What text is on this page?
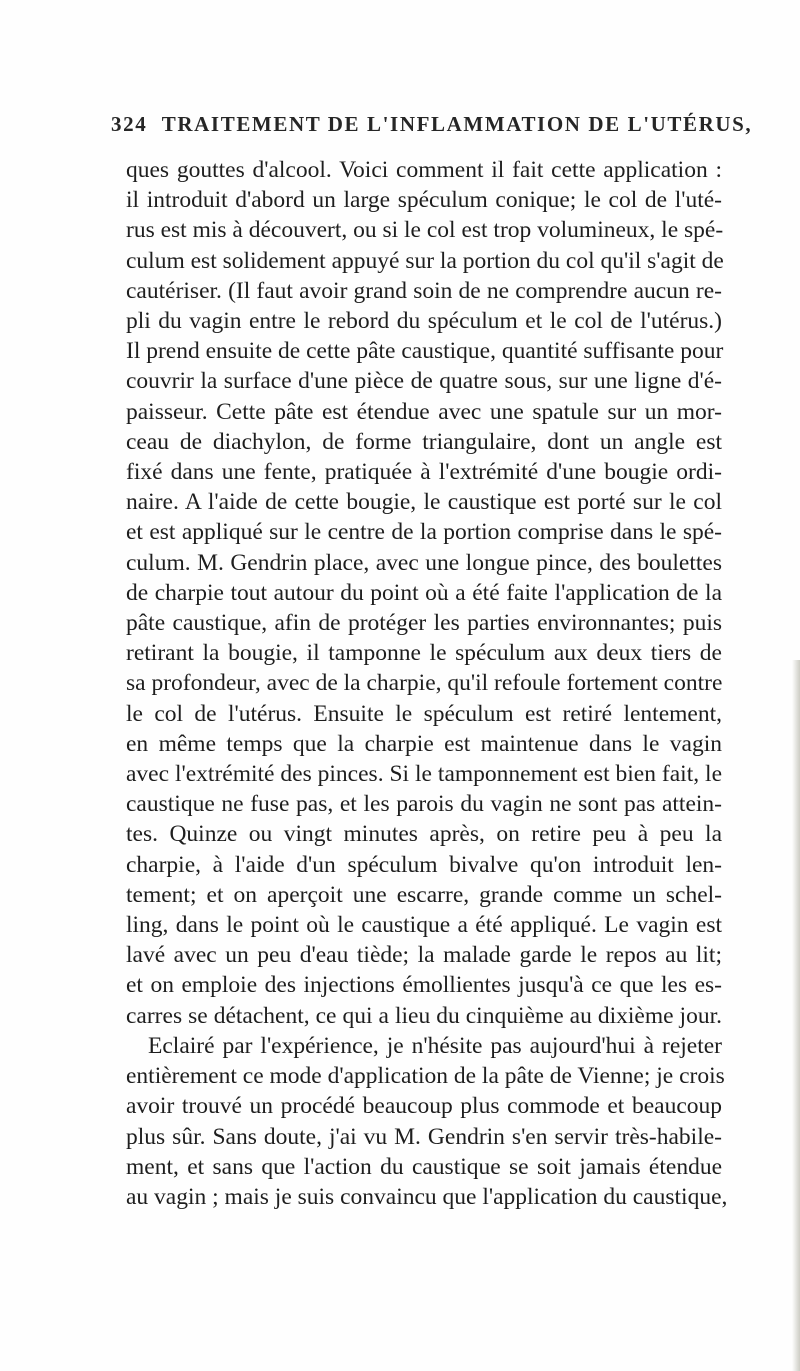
324 TRAITEMENT DE L'INFLAMMATION DE L'UTÉRUS,
ques gouttes d'alcool. Voici comment il fait cette application :
il introduit d'abord un large spéculum conique; le col de l'uté-
rus est mis à découvert, ou si le col est trop volumineux, le spé-
culum est solidement appuyé sur la portion du col qu'il s'agit de
cautériser. (Il faut avoir grand soin de ne comprendre aucun re-
pli du vagin entre le rebord du spéculum et le col de l'utérus.)
Il prend ensuite de cette pâte caustique, quantité suffisante pour
couvrir la surface d'une pièce de quatre sous, sur une ligne d'é-
paisseur. Cette pâte est étendue avec une spatule sur un mor-
ceau de diachylon, de forme triangulaire, dont un angle est
fixé dans une fente, pratiquée à l'extrémité d'une bougie ordi-
naire. A l'aide de cette bougie, le caustique est porté sur le col
et est appliqué sur le centre de la portion comprise dans le spé-
culum. M. Gendrin place, avec une longue pince, des boulettes
de charpie tout autour du point où a été faite l'application de la
pâte caustique, afin de protéger les parties environnantes; puis
retirant la bougie, il tamponne le spéculum aux deux tiers de
sa profondeur, avec de la charpie, qu'il refoule fortement contre
le col de l'utérus. Ensuite le spéculum est retiré lentement,
en même temps que la charpie est maintenue dans le vagin
avec l'extrémité des pinces. Si le tamponnement est bien fait, le
caustique ne fuse pas, et les parois du vagin ne sont pas attein-
tes. Quinze ou vingt minutes après, on retire peu à peu la
charpie, à l'aide d'un spéculum bivalve qu'on introduit len-
tement; et on aperçoit une escarre, grande comme un schel-
ling, dans le point où le caustique a été appliqué. Le vagin est
lavé avec un peu d'eau tiède; la malade garde le repos au lit;
et on emploie des injections émollientes jusqu'à ce que les es-
carres se détachent, ce qui a lieu du cinquième au dixième jour.
Eclairé par l'expérience, je n'hésite pas aujourd'hui à rejeter
entièrement ce mode d'application de la pâte de Vienne; je crois
avoir trouvé un procédé beaucoup plus commode et beaucoup
plus sûr. Sans doute, j'ai vu M. Gendrin s'en servir très-habile-
ment, et sans que l'action du caustique se soit jamais étendue
au vagin ; mais je suis convaincu que l'application du caustique,
